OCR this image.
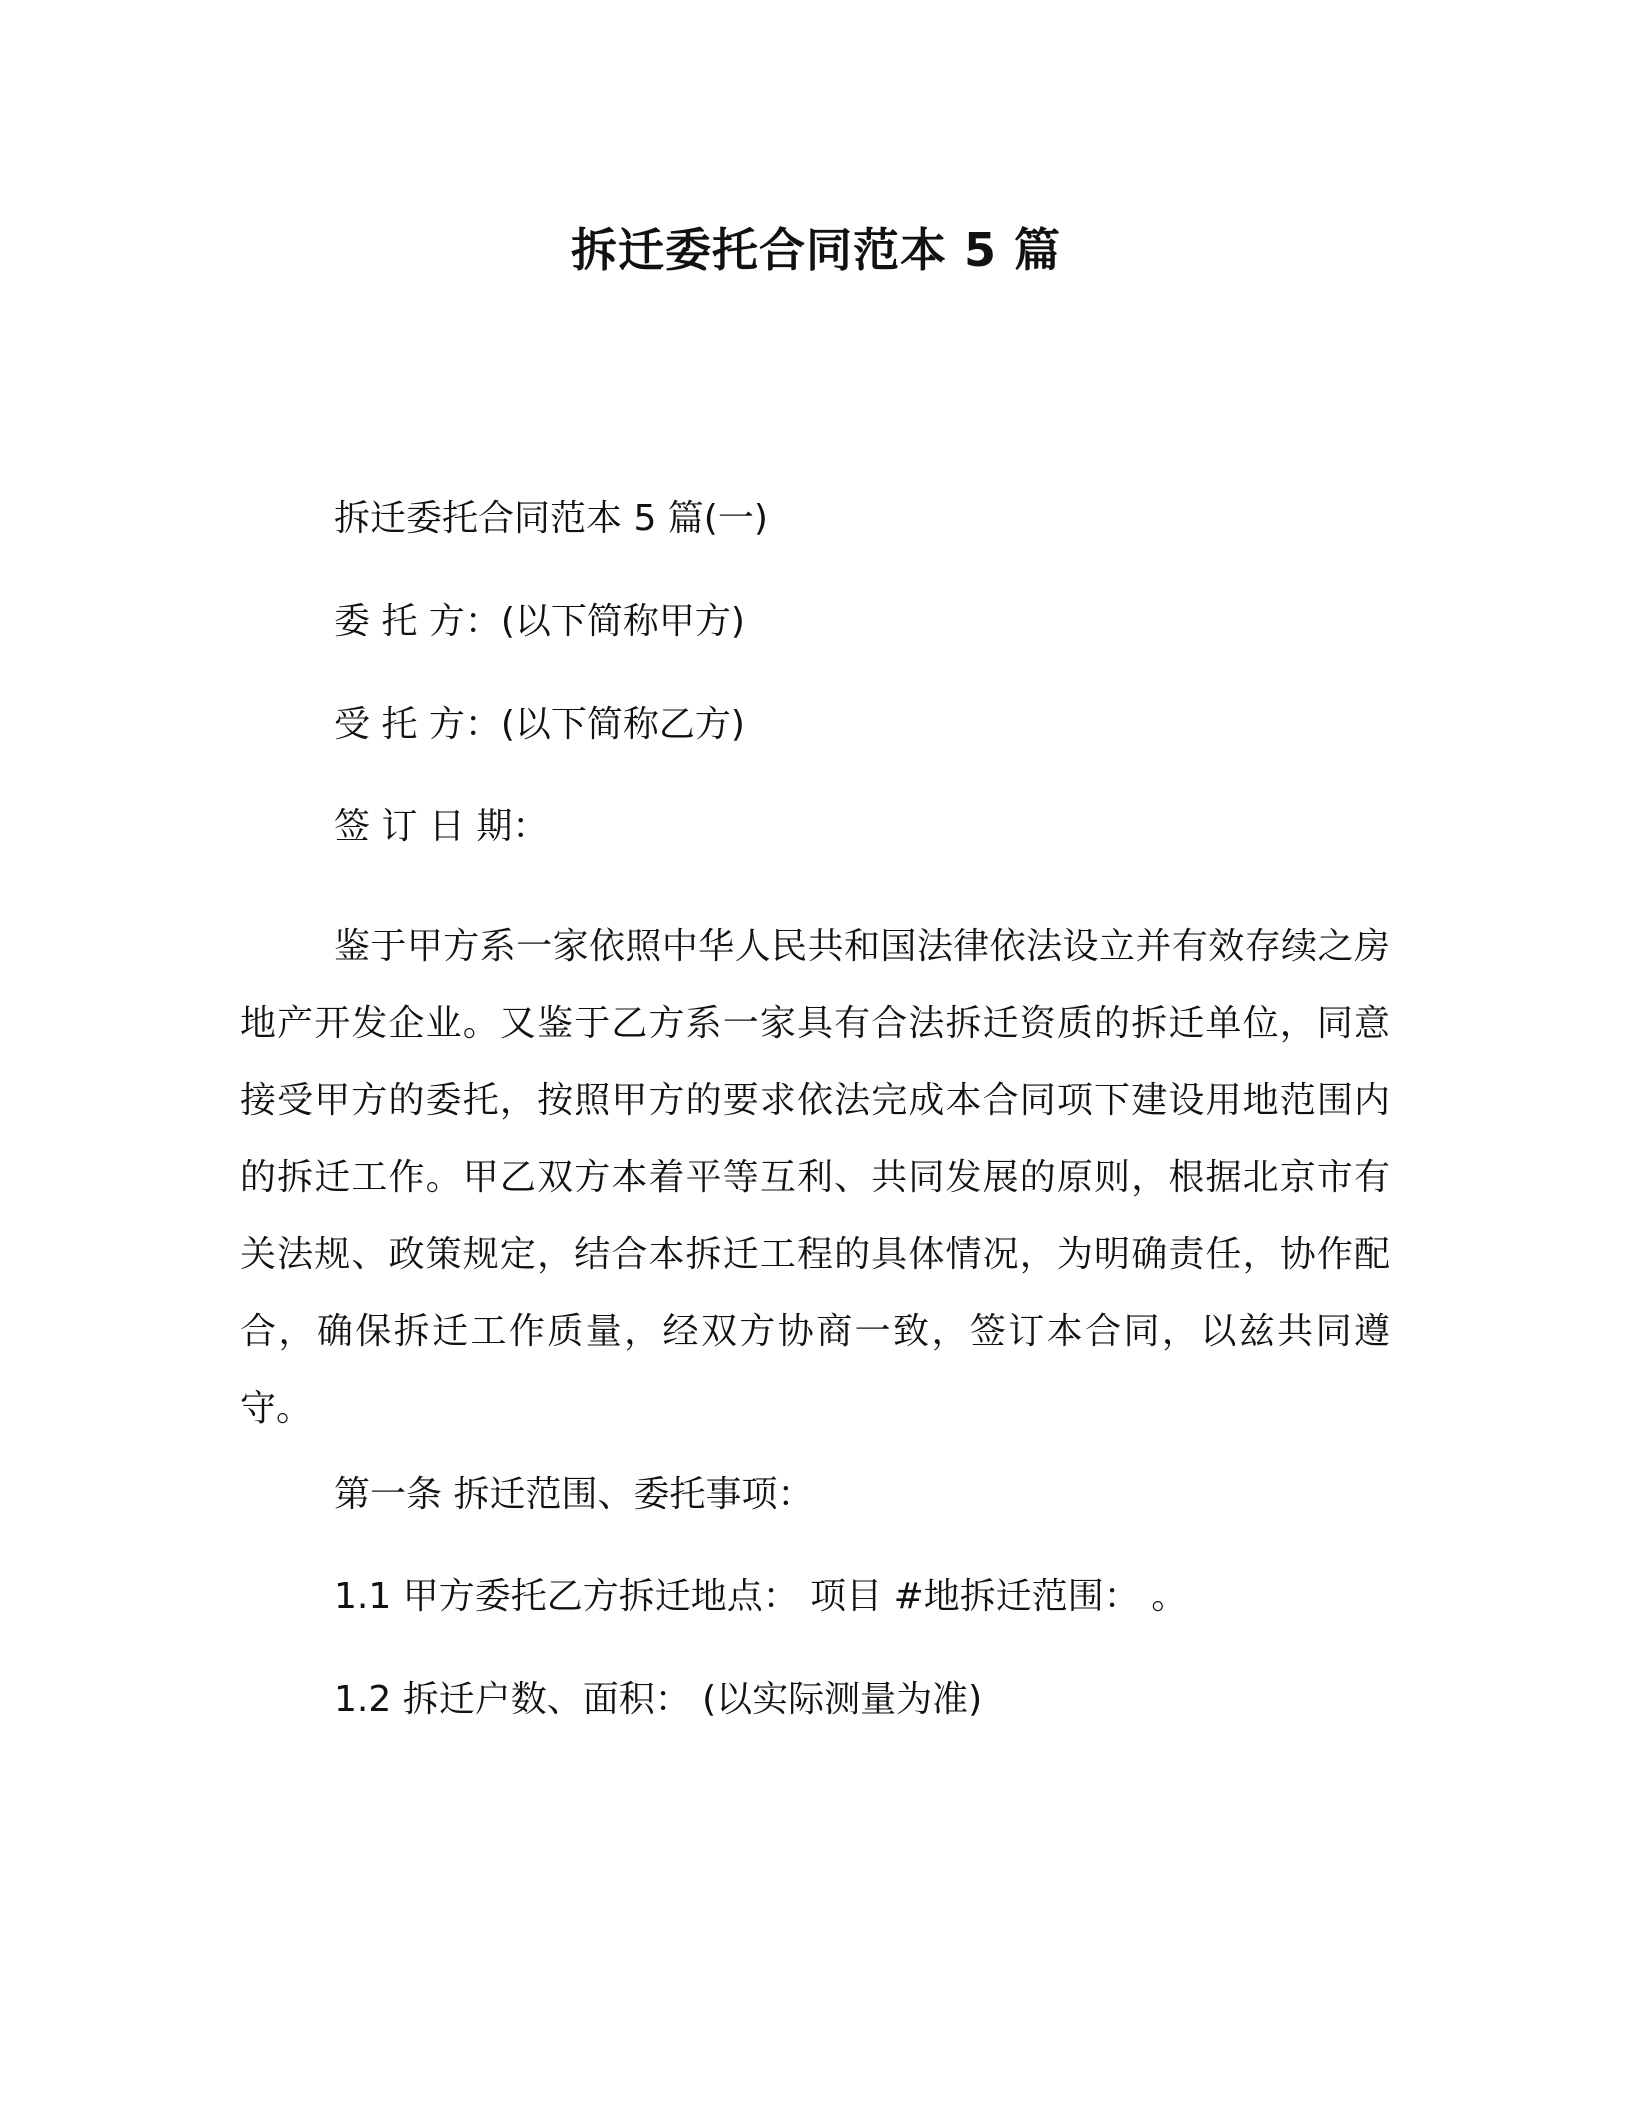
拆迁委托合同范本 5 篇
拆迁委托合同范本 5 篇(一)
委 托 方：(以下简称甲方)
受 托 方：(以下简称乙方)
签 订 日 期：

鉴于甲方系一家依照中华人民共和国法律依法设立并有效存续之房地产开发企业。又鉴于乙方系一家具有合法拆迁资质的拆迁单位，同意接受甲方的委托，按照甲方的要求依法完成本合同项下建设用地范围内的拆迁工作。甲乙双方本着平等互利、共同发展的原则，根据北京市有关法规、政策规定，结合本拆迁工程的具体情况，为明确责任，协作配合，确保拆迁工作质量，经双方协商一致，签订本合同，以兹共同遵守。

第一条 拆迁范围、委托事项：
1.1 甲方委托乙方拆迁地点： 项目 #地拆迁范围： 。
1.2 拆迁户数、面积： (以实际测量为准)
